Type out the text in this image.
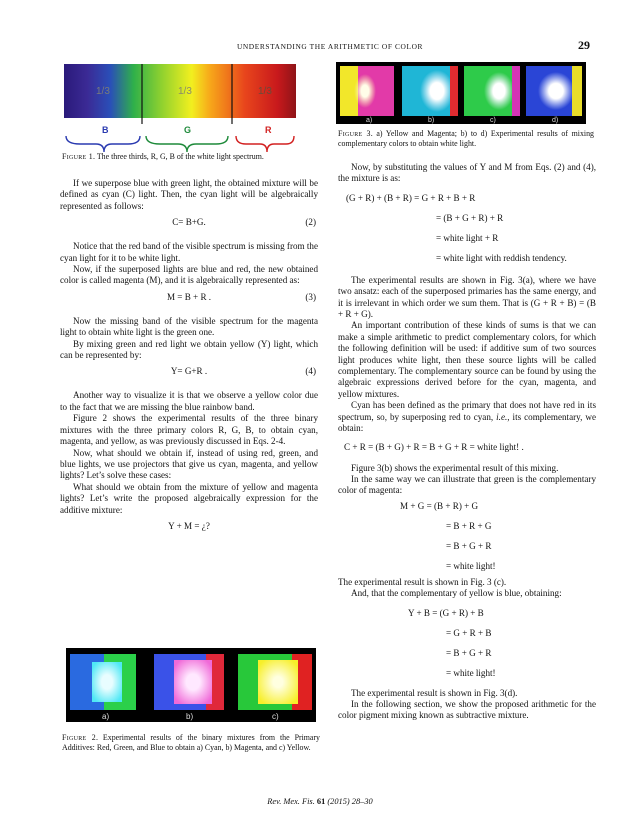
UNDERSTANDING THE ARITHMETIC OF COLOR	29
1/3	1/3	1/3
B	G	R
Figure 1. The three thirds, R, G, B of the white light spectrum.
a)	b)	c)	d)
Figure 3. a) Yellow and Magenta; b) to d) Experimental results of mixing complementary colors to obtain white light.

If we superpose blue with green light, the obtained mixture will be defined as cyan (C) light. Then, the cyan light will be algebraically represented as follows:

C= B+G.	(2)

Notice that the red band of the visible spectrum is missing from the cyan light for it to be white light.

Now, if the superposed lights are blue and red, the new obtained color is called magenta (M), and it is algebraically represented as:

M = B + R .	(3)

Now the missing band of the visible spectrum for the magenta light to obtain white light is the green one.

By mixing green and red light we obtain yellow (Y) light, which can be represented by:

Y= G+R .	(4)

Another way to visualize it is that we observe a yellow color due to the fact that we are missing the blue rainbow band.

Figure 2 shows the experimental results of the three binary mixtures with the three primary colors R, G, B, to obtain cyan, magenta, and yellow, as was previously discussed in Eqs. 2-4.

Now, what should we obtain if, instead of using red, green, and blue lights, we use projectors that give us cyan, magenta, and yellow lights? Let’s solve these cases:

What should we obtain from the mixture of yellow and magenta lights? Let’s write the proposed algebraically expression for the additive mixture:

Y + M = ¿?
a)	b)	c)
Figure 2. Experimental results of the binary mixtures from the Primary Additives: Red, Green, and Blue to obtain a) Cyan, b) Magenta, and c) Yellow.

Now, by substituting the values of Y and M from Eqs. (2) and (4), the mixture is as:

(G + R) + (B + R) = G + R + B + R
= (B + G + R) + R
= white light + R
= white light with reddish tendency.

The experimental results are shown in Fig. 3(a), where we have two ansatz: each of the superposed primaries has the same energy, and it is irrelevant in which order we sum them. That is (G + R + B) = (B + R + G).

An important contribution of these kinds of sums is that we can make a simple arithmetic to predict complementary colors, for which the following definition will be used: if additive sum of two sources light produces white light, then these source lights will be called complementary. The complementary source can be found by using the algebraic expressions derived before for the cyan, magenta, and yellow mixtures.

Cyan has been defined as the primary that does not have red in its spectrum, so, by superposing red to cyan, i.e., its complementary, we obtain:

C + R = (B + G) + R = B + G + R = white light! .

Figure 3(b) shows the experimental result of this mixing.

In the same way we can illustrate that green is the complementary color of magenta:

M + G = (B + R) + G
= B + R + G
= B + G + R
= white light!

The experimental result is shown in Fig. 3 (c).

And, that the complementary of yellow is blue, obtaining:

Y + B = (G + R) + B
= G + R + B
= B + G + R
= white light!

The experimental result is shown in Fig. 3(d).

In the following section, we show the proposed arithmetic for the color pigment mixing known as subtractive mixture.

Rev. Mex. Fis. 61 (2015) 28–30
